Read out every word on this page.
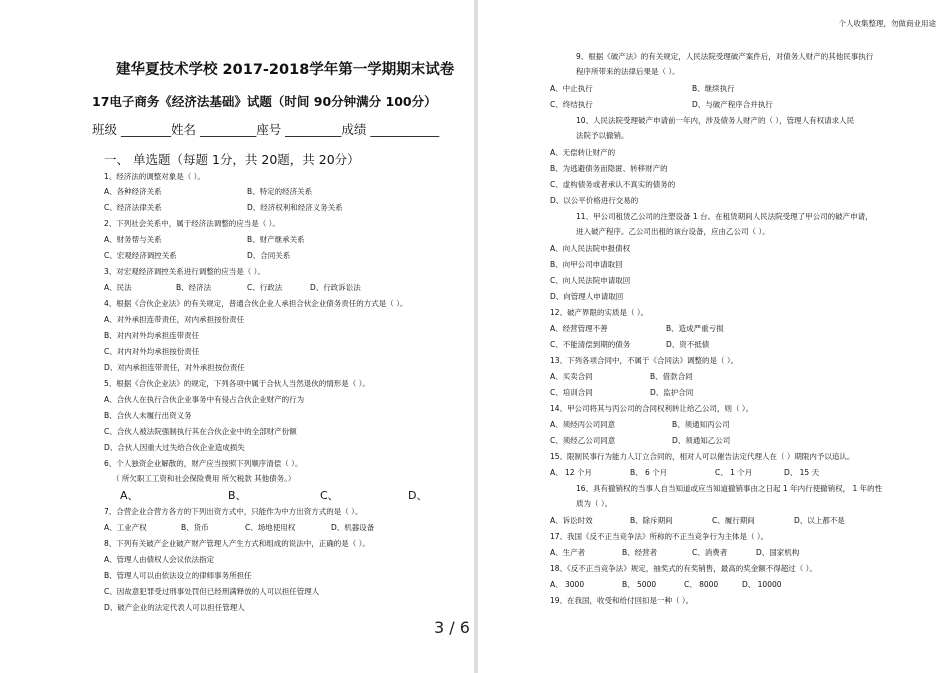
建华夏技术学校 2017-2018学年第一学期期末试卷
17电子商务《经济法基础》试题（时间 90分钟满分 100分）
班级 ________姓名 _________座号 _________成绩 ___________
一、 单选题（每题 1分，共 20题，共 20分）
1、经济法的调整对象是（ ）。
A、各种经济关系	B、特定的经济关系
C、经济法律关系	D、经济权利和经济义务关系
2、下列社会关系中，属于经济法调整的应当是（ ）。
A、财务帮与关系	B、财产继承关系
C、宏观经济调控关系	D、合同关系
3、对宏观经济调控关系进行调整的应当是（ ）。
A、民法	B、经济法	C、行政法	D、行政诉讼法
4、根据《合伙企业法》的有关规定，普通合伙企业人承担合伙企业债务责任的方式是（ ）。
A、对外承担连带责任，对内承担按份责任
B、对内对外均承担连带责任
C、对内对外均承担按份责任
D、对内承担连带责任，对外承担按份责任
5、根据《合伙企业法》的规定，下列各项中属于合伙人当然退伙的情形是（ ）。
A、合伙人在执行合伙企业事务中有侵占合伙企业财产的行为
B、合伙人未履行出资义务
C、合伙人被法院强制执行其在合伙企业中的全部财产份额
D、合伙人因重大过失给合伙企业造成损失
6、个人独资企业解散的，财产应当按照下列顺序清偿（ ）。
（ 所欠职工工资和社会保险费用 所欠税款 其他债务。）
A、	B、	C、	D、
7、合营企业合营方各方的下列出资方式中，只能作为中方出资方式的是（ ）。
A、工业产权	B、货币	C、场地使用权	D、机器设备
8、下列有关破产企业破产财产管理人产生方式和组成的说法中，正确的是（ ）。
A、管理人由债权人会议依法指定
B、管理人可以由依法设立的律师事务所担任
C、因故意犯罪受过刑事处罚但已经刑满释放的人可以担任管理人
D、破产企业的法定代表人可以担任管理人
个人收集整理，勿做商业用途
9、根据《破产法》的有关规定，人民法院受理破产案件后，对债务人财产的其他民事执行
程序所带来的法律后果是（ ）。
A、中止执行	B、继续执行
C、终结执行	D、与破产程序合并执行
10、人民法院受理破产申请前一年内，涉及债务人财产的（ ），管理人有权请求人民
法院予以撤销。
A、无偿转让财产的
B、为逃避债务而隐匿、转移财产的
C、虚构债务或者承认不真实的债务的
D、以公平价格进行交易的
11、甲公司租赁乙公司的注塑设备 1 台。在租赁期间人民法院受理了甲公司的破产申请，
进入破产程序。乙公司出租的该台设备，应由乙公司（ ）。
A、向人民法院申报债权
B、向甲公司申请取回
C、向人民法院申请取回
D、向管理人申请取回
12、破产界限的实质是（ ）。
A、经营管理不善	B、造成严重亏损
C、不能清偿到期的债务	D、资不抵债
13、下列各项合同中，不属于《合同法》调整的是（ ）。
A、买卖合同	B、借款合同
C、培训合同	D、监护合同
14、甲公司将其与丙公司的合同权利转让给乙公司，则（ ）。
A、须经丙公司同意	B、须通知丙公司
C、须经乙公司同意	D、须通知乙公司
15、限制民事行为能力人订立合同的，相对人可以催告法定代理人在（ ）期限内予以追认。
A、 12 个月	B、 6 个月	C、 1 个月	D、 15 天
16、具有撤销权的当事人自当知道或应当知道撤销事由之日起 1 年内行使撤销权， 1 年的性
质为（ ）。
A、诉讼时效	B、除斥期间	C、履行期间	D、以上都不是
17、我国《反不正当竞争法》所称的不正当竞争行为主体是（ ）。
A、生产者	B、经营者	C、消费者	D、国家机构
18、《反不正当竞争法》规定，抽奖式的有奖销售，最高的奖金额不得超过（ ）。
A、 3000	B、 5000	C、 8000	D、 10000
19、在我国，收受和给付回扣是一种（ ）。
3 / 6
